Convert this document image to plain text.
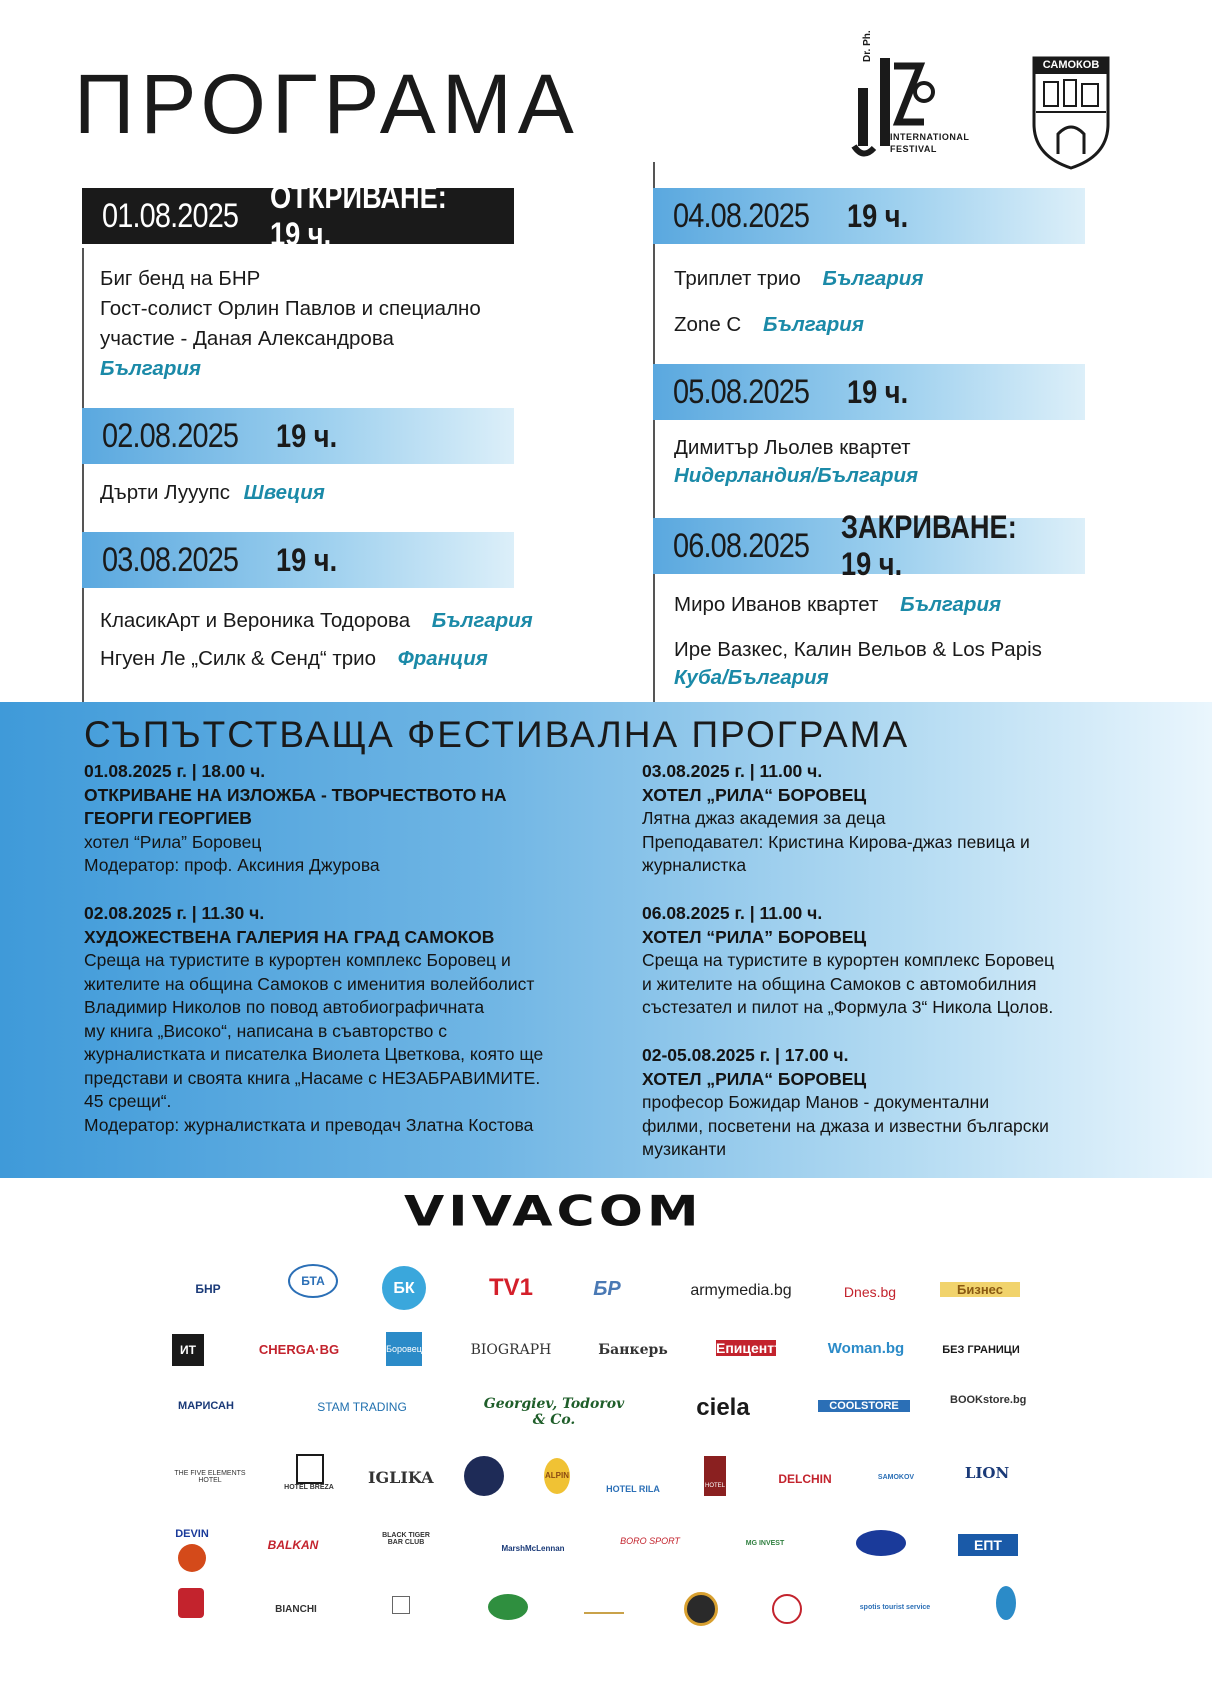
ПРОГРАМА
Dr. Ph.
INTERNATIONAL
FESTIVAL
САМОКОВ
01.08.2025 ОТКРИВАНЕ: 19 ч.
Биг бенд на БНР
Гост-солист Орлин Павлов и специално
участие - Даная Александрова
България
02.08.2025 19 ч.
Дърти Лууупс Швеция
03.08.2025 19 ч.
КласикАрт и Вероника Тодорова България
Нгуен Ле „Силк & Сенд“ трио Франция
04.08.2025 19 ч.
Триплет трио България
Zone C България
05.08.2025 19 ч.
Димитър Льолев квартет
Нидерландия/България
06.08.2025 ЗАКРИВАНЕ: 19 ч.
Миро Иванов квартет България
Ире Вазкес, Калин Вельов & Los Papis
Куба/България
СЪПЪТСТВАЩА ФЕСТИВАЛНА ПРОГРАМА
01.08.2025 г. | 18.00 ч.
ОТКРИВАНЕ НА ИЗЛОЖБА - ТВОРЧЕСТВОТО НА
ГЕОРГИ ГЕОРГИЕВ
хотел “Рила” Боровец
Модератор: проф. Аксиния Джурова
02.08.2025 г. | 11.30 ч.
ХУДОЖЕСТВЕНА ГАЛЕРИЯ НА ГРАД САМОКОВ
Среща на туристите в курортен комплекс Боровец и
жителите на община Самоков с именития волейболист
Владимир Николов по повод автобиографичната
му книга „Високо“, написана в съавторство с
журналистката и писателка Виолета Цветкова, която ще
представи и своята книга „Насаме с НЕЗАБРАВИМИТЕ.
45 срещи“.
Модератор: журналистката и преводач Златна Костова
03.08.2025 г. | 11.00 ч.
ХОТЕЛ „РИЛА“ БОРОВЕЦ
Лятна джаз академия за деца
Преподавател: Кристина Кирова-джаз певица и
журналистка
06.08.2025 г. | 11.00 ч.
ХОТЕЛ “РИЛА” БОРОВЕЦ
Среща на туристите в курортен комплекс Боровец
и жителите на община Самоков с автомобилния
състезател и пилот на „Формула 3“ Никола Цолов.
02-05.08.2025 г. | 17.00 ч.
ХОТЕЛ „РИЛА“ БОРОВЕЦ
професор Божидар Манов - документални
филми, посветени на джаза и известни български
музиканти
VIVACOM
БНР
БТА	БК	TV1	БР	armymedia.bg	Dnes.bg	Бизнес
ИТ	CHERGA·BG	Боровец	BIOGRAPH	Банкерь	Епицентър Woman.bg	БЕЗ ГРАНИЦИ
МАРИСАН	STAM TRADING	Georgiev, Todorov & Co.	ciela	COOLSTORE	BOOKstore.bg
THE FIVE ELEMENTS HOTEL
HOTEL BREZA
IGLIKA	ALPIN
HOTEL RILA	HOTEL	DELCHIN	SAMOKOV	LION
DEVIN
BALKAN
BLACK TIGER BAR CLUB
MarshMcLennan
BORO SPORT	MG INVEST	ЕПТ
BIANCHI	spotis tourist service
